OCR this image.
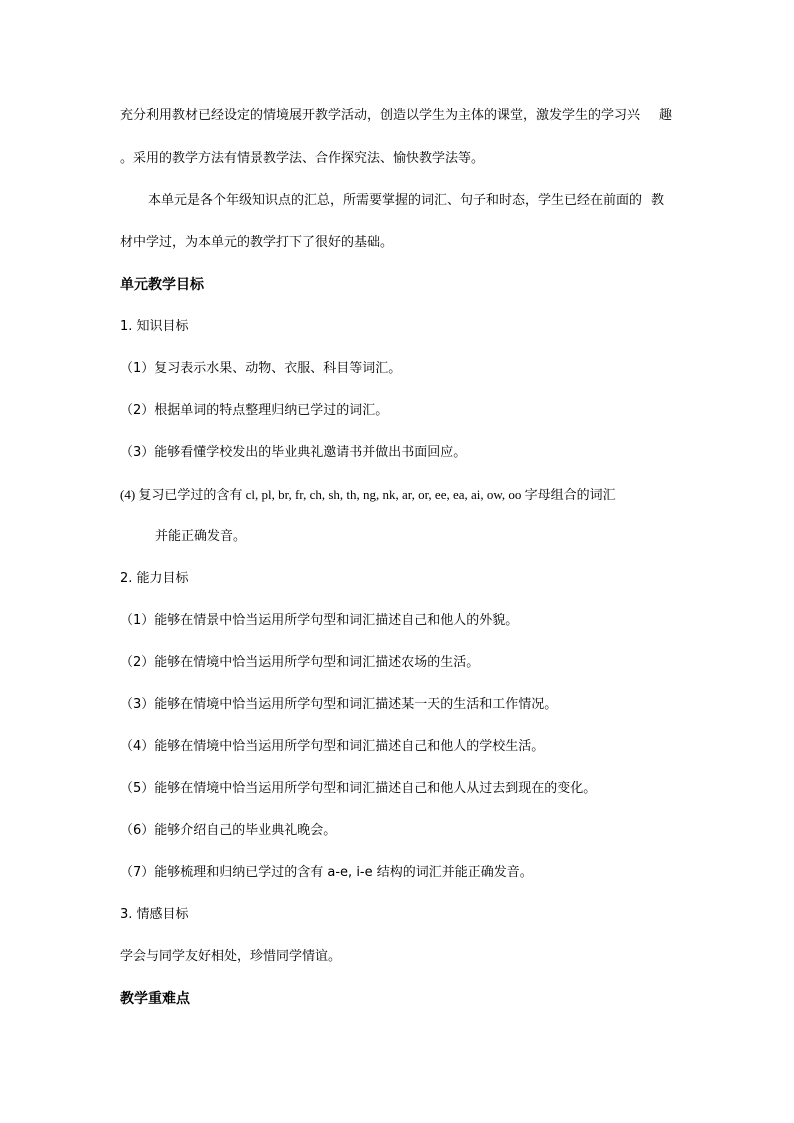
充分利用教材已经设定的情境展开教学活动，创造以学生为主体的课堂，激发学生的学习兴 趣
。采用的教学方法有情景教学法、合作探究法、愉快教学法等。
本单元是各个年级知识点的汇总，所需要掌握的词汇、句子和时态，学生已经在前面的 教
材中学过，为本单元的教学打下了很好的基础。
单元教学目标
1. 知识目标
（1）复习表示水果、动物、衣服、科目等词汇。
（2）根据单词的特点整理归纳已学过的词汇。
（3）能够看懂学校发出的毕业典礼邀请书并做出书面回应。
(4) 复习已学过的含有 cl, pl, br, fr, ch, sh, th, ng, nk, ar, or, ee, ea, ai, ow, oo 字母组合的词汇
并能正确发音。
2. 能力目标
（1）能够在情景中恰当运用所学句型和词汇描述自己和他人的外貌。
（2）能够在情境中恰当运用所学句型和词汇描述农场的生活。
（3）能够在情境中恰当运用所学句型和词汇描述某一天的生活和工作情况。
（4）能够在情境中恰当运用所学句型和词汇描述自己和他人的学校生活。
（5）能够在情境中恰当运用所学句型和词汇描述自己和他人从过去到现在的变化。
（6）能够介绍自己的毕业典礼晚会。
（7）能够梳理和归纳已学过的含有 a-e, i-e 结构的词汇并能正确发音。
3. 情感目标
学会与同学友好相处，珍惜同学情谊。
教学重难点
